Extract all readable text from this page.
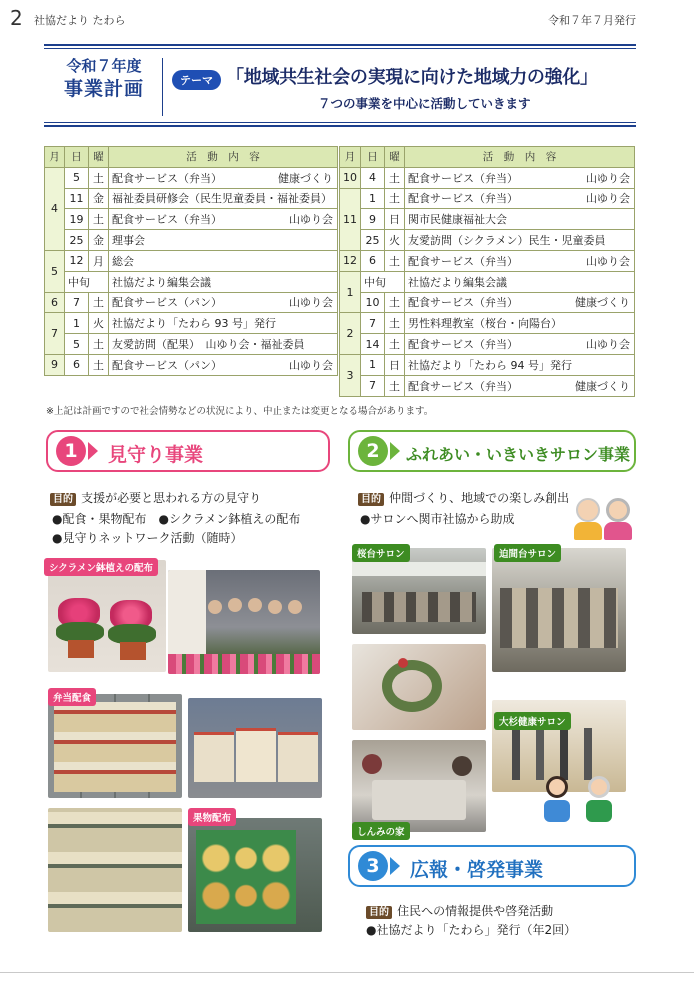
2 社協だより たわら	令和７年７月発行
令和７年度
事業計画	テーマ 「地域共生社会の実現に向けた地域力の強化」
７つの事業を中心に活動していきます
月	日	曜	活　動　内　容
4	5	土	配食サービス（弁当） 健康づくり

	11	金	福祉委員研修会（民生児童委員・福祉委員）
	19	土	配食サービス（弁当） 山ゆり会

	25	金	理事会
5	12	月	総会
	中旬		社協だより編集会議
6	7	土	配食サービス（パン） 山ゆり会

7	1	火	社協だより「たわら 93 号」発行
	5	土	友愛訪問（配果）　山ゆり会・福祉委員
9	6	土	配食サービス（パン） 山ゆり会
月	日	曜	活　動　内　容
10	4	土	配食サービス（弁当） 山ゆり会

11	1	土	配食サービス（弁当） 山ゆり会

	9	日	関市民健康福祉大会
	25	火	友愛訪問（シクラメン）民生・児童委員
12	6	土	配食サービス（弁当） 山ゆり会

1	中旬		社協だより編集会議
	10	土	配食サービス（弁当） 健康づくり

2	7	土	男性料理教室（桜台・向陽台）
	14	土	配食サービス（弁当） 山ゆり会

3	1	日	社協だより「たわら 94 号」発行
	7	土	配食サービス（弁当） 健康づくり
※上記は計画ですので社会情勢などの状況により、中止または変更となる場合があります。
1	見守り事業
目的 支援が必要と思われる方の見守り
●配食・果物配布　●シクラメン鉢植えの配布
●見守りネットワーク活動（随時）
シクラメン鉢植えの配布
弁当配食
果物配布
2	ふれあい・いきいきサロン事業
目的 仲間づくり、地域での楽しみ創出
●サロンへ関市社協から助成
桜台サロン	迫間台サロン
大杉健康サロン
しんみの家
3	広報・啓発事業
目的 住民への情報提供や啓発活動
●社協だより「たわら」発行（年2回）
